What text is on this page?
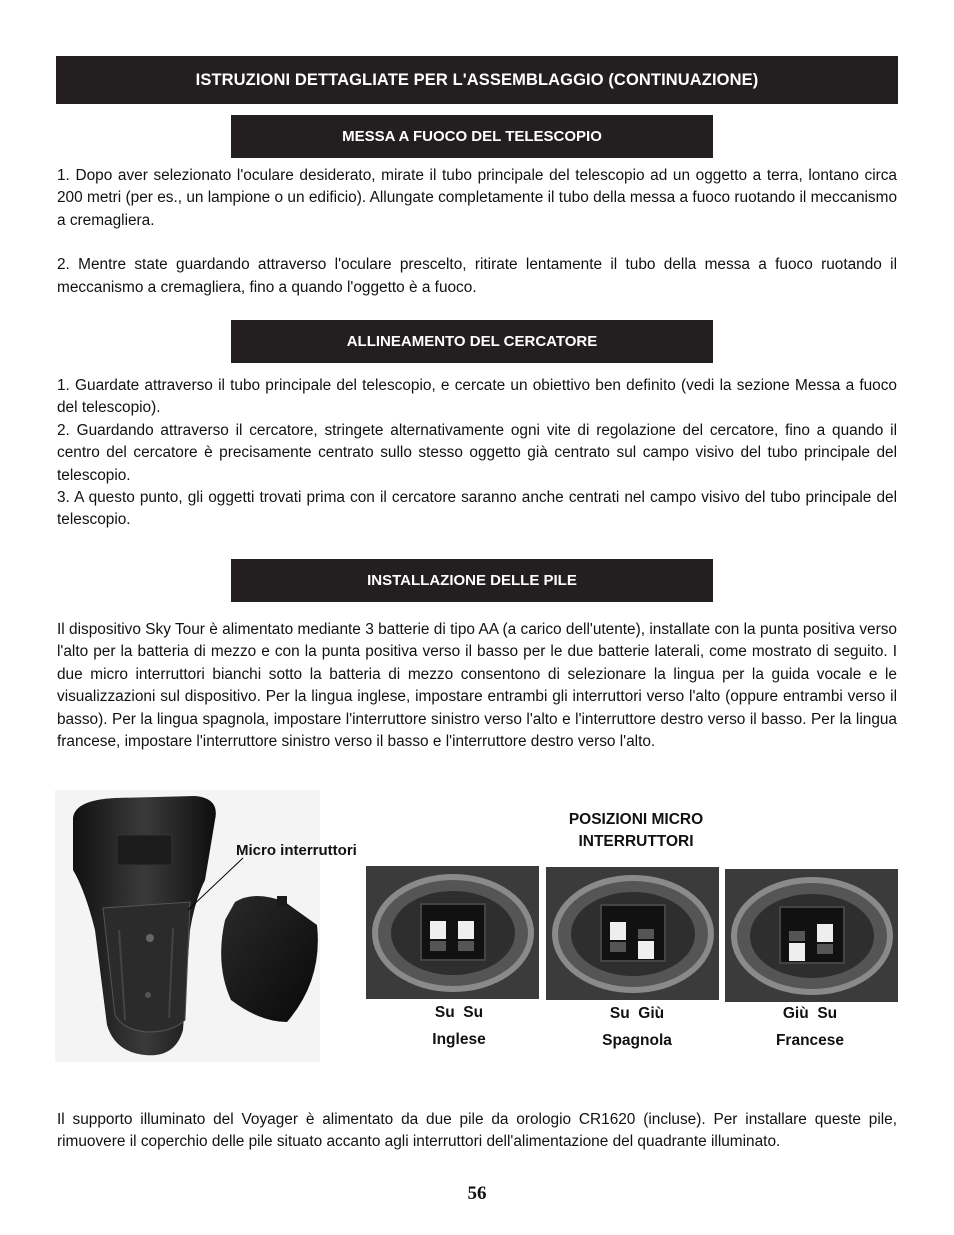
ISTRUZIONI DETTAGLIATE PER L'ASSEMBLAGGIO (CONTINUAZIONE)
MESSA A FUOCO DEL TELESCOPIO

1. Dopo aver selezionato l'oculare desiderato, mirate il tubo principale del telescopio ad un oggetto a terra, lontano circa 200 metri (per es., un lampione o un edificio). Allungate completamente il tubo della messa a fuoco ruotando il meccanismo a cremagliera.

2. Mentre state guardando attraverso l'oculare prescelto, ritirate lentamente il tubo della messa a fuoco ruotando il meccanismo a cremagliera, fino a quando l'oggetto è a fuoco.

ALLINEAMENTO DEL CERCATORE

1. Guardate attraverso il tubo principale del telescopio, e cercate un obiettivo ben definito (vedi la sezione Messa a fuoco del telescopio).

2. Guardando attraverso il cercatore, stringete alternativamente ogni vite di regolazione del cercatore, fino a quando il centro del cercatore è precisamente centrato sullo stesso oggetto già centrato sul campo visivo del tubo principale del telescopio.

3. A questo punto, gli oggetti trovati prima con il cercatore saranno anche centrati nel campo visivo del tubo principale del telescopio.

INSTALLAZIONE DELLE PILE

Il dispositivo Sky Tour è alimentato mediante 3 batterie di tipo AA (a carico dell'utente), installate con la punta positiva verso l'alto per la batteria di mezzo e con la punta positiva verso il basso per le due batterie laterali, come mostrato di seguito. I due micro interruttori bianchi sotto la batteria di mezzo consentono di selezionare la lingua per la guida vocale e le visualizzazioni sul dispositivo. Per la lingua inglese, impostare entrambi gli interruttori verso l'alto (oppure entrambi verso il basso). Per la lingua spagnola, impostare l'interruttore sinistro verso l'alto e l'interruttore destro verso il basso. Per la lingua francese, impostare l'interruttore sinistro verso il basso e l'interruttore destro verso l'alto.

Micro interruttori
POSIZIONI MICRO
INTERRUTTORI
Su  Su
Inglese
Su  Giù
Spagnola
Giù  Su
Francese

Il supporto illuminato del Voyager è alimentato da due pile da orologio CR1620 (incluse). Per installare queste pile, rimuovere il coperchio delle pile situato accanto agli interruttori dell'alimentazione del quadrante illuminato.

56
